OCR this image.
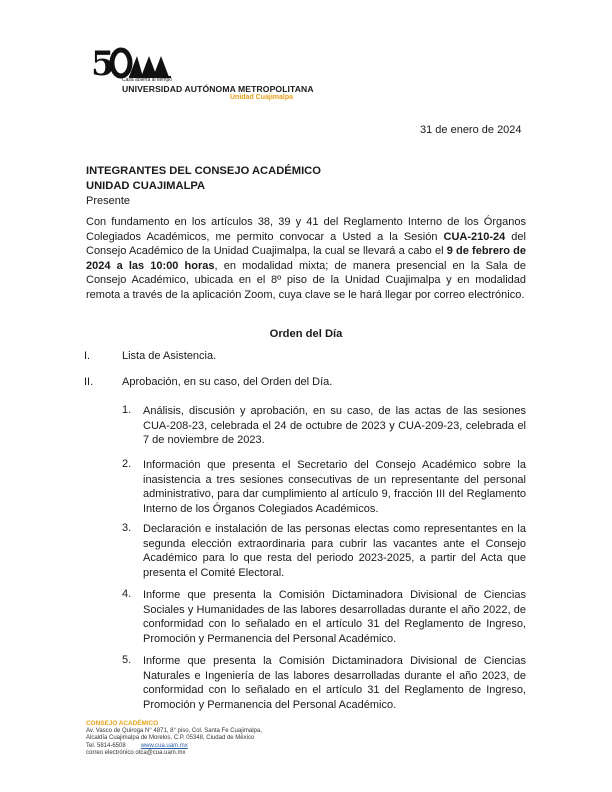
5 Casa abierta al tiempo
UNIVERSIDAD AUTÓNOMA METROPOLITANA
Unidad Cuajimalpa
31 de enero de 2024
INTEGRANTES DEL CONSEJO ACADÉMICO
UNIDAD CUAJIMALPA
Presente
Con fundamento en los artículos 38, 39 y 41 del Reglamento Interno de los Órganos Colegiados Académicos, me permito convocar a Usted a la Sesión CUA-210-24 del Consejo Académico de la Unidad Cuajimalpa, la cual se llevará a cabo el 9 de febrero de 2024 a las 10:00 horas, en modalidad mixta; de manera presencial en la Sala de Consejo Académico, ubicada en el 8º piso de la Unidad Cuajimalpa y en modalidad remota a través de la aplicación Zoom, cuya clave se le hará llegar por correo electrónico.
Orden del Día
I.	Lista de Asistencia.
II.	Aprobación, en su caso, del Orden del Día.
1. Análisis, discusión y aprobación, en su caso, de las actas de las sesiones CUA-208-23, celebrada el 24 de octubre de 2023 y CUA-209-23, celebrada el 7 de noviembre de 2023.
2. Información que presenta el Secretario del Consejo Académico sobre la inasistencia a tres sesiones consecutivas de un representante del personal administrativo, para dar cumplimiento al artículo 9, fracción III del Reglamento Interno de los Órganos Colegiados Académicos.
3. Declaración e instalación de las personas electas como representantes en la segunda elección extraordinaria para cubrir las vacantes ante el Consejo Académico para lo que resta del periodo 2023-2025, a partir del Acta que presenta el Comité Electoral.
4. Informe que presenta la Comisión Dictaminadora Divisional de Ciencias Sociales y Humanidades de las labores desarrolladas durante el año 2022, de conformidad con lo señalado en el artículo 31 del Reglamento de Ingreso, Promoción y Permanencia del Personal Académico.
5. Informe que presenta la Comisión Dictaminadora Divisional de Ciencias Naturales e Ingeniería de las labores desarrolladas durante el año 2023, de conformidad con lo señalado en el artículo 31 del Reglamento de Ingreso, Promoción y Permanencia del Personal Académico.
CONSEJO ACADÉMICO
Av. Vasco de Quiroga N° 4871, 8° piso, Col. Santa Fe Cuajimalpa,
Alcaldía Cuajimalpa de Morelos, C.P. 05348, Ciudad de México
Tel. 5814-6508	www.cua.uam.mx
correo electrónico otca@cua.uam.mx
